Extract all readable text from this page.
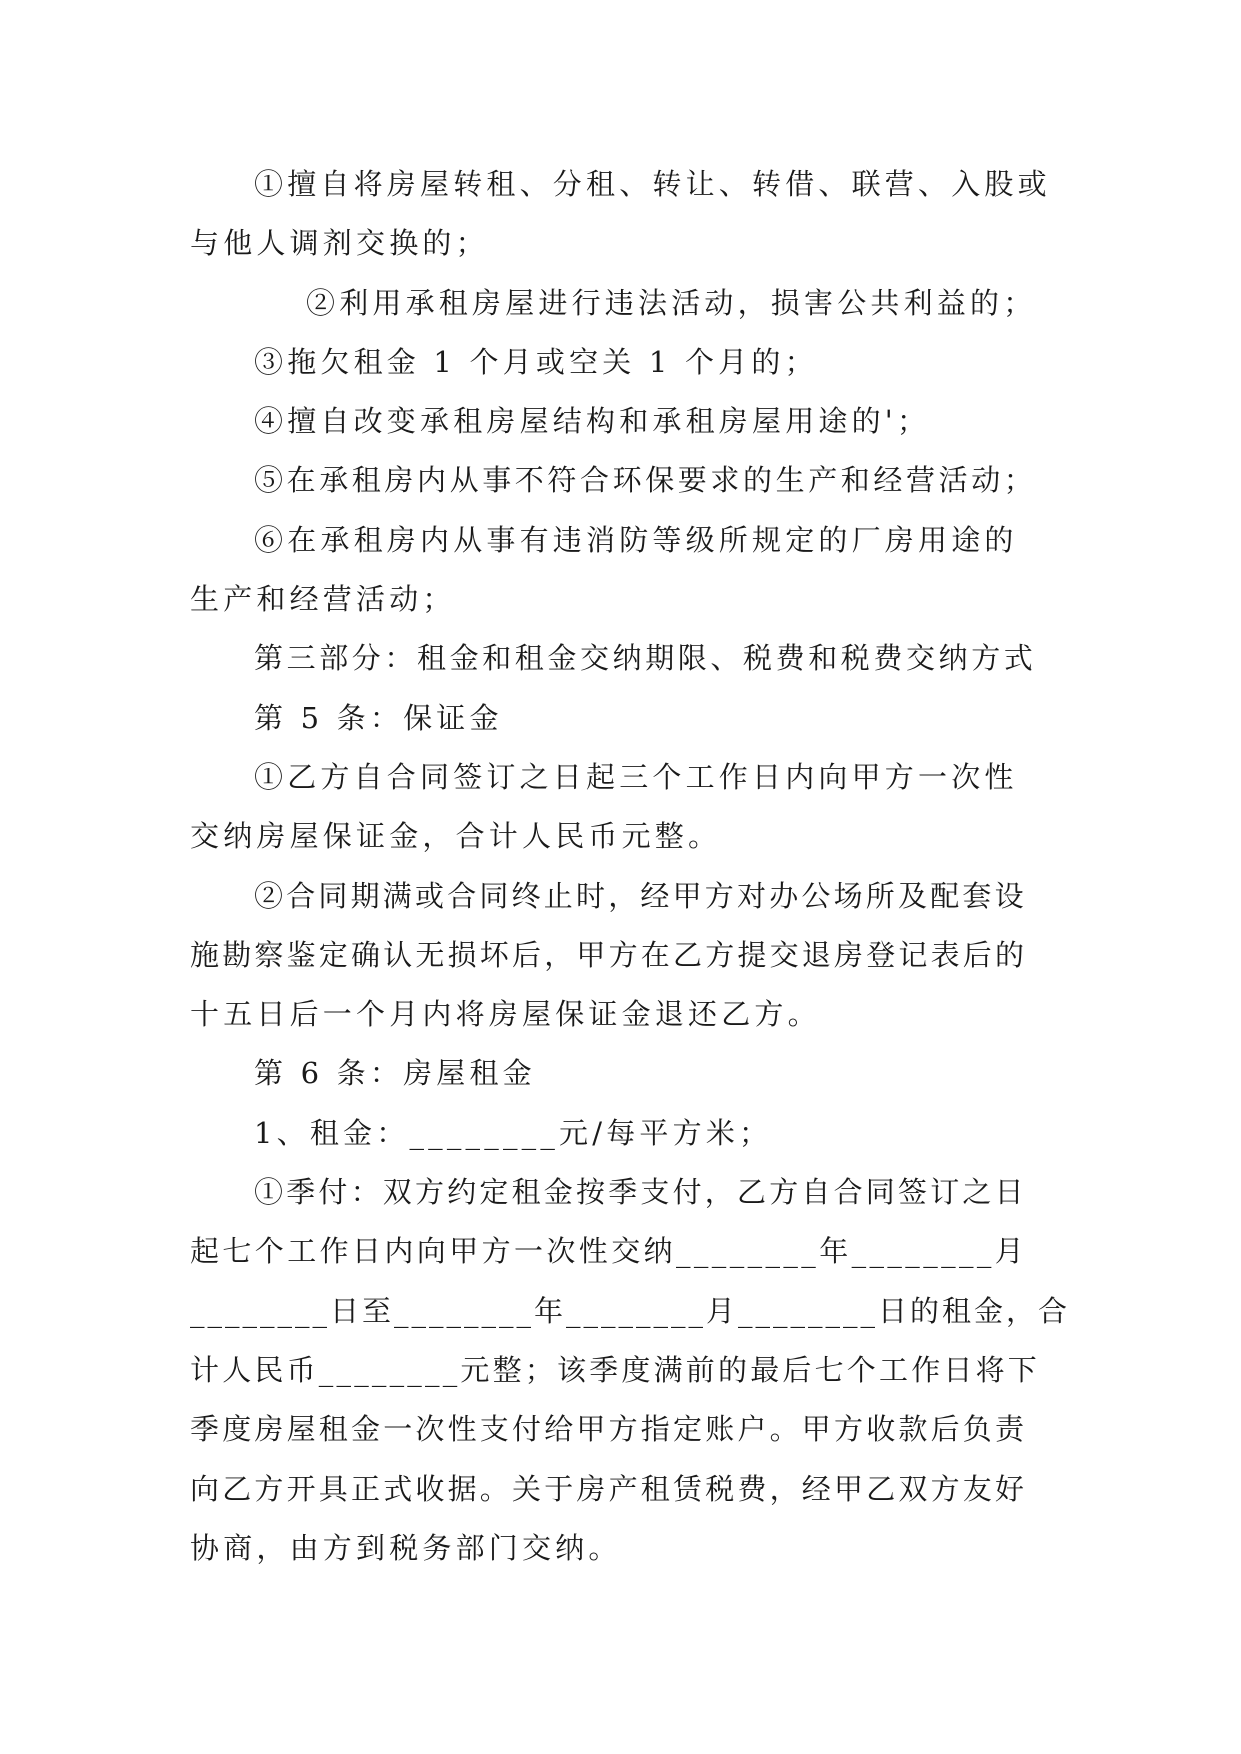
①擅自将房屋转租、分租、转让、转借、联营、入股或

与他人调剂交换的；

②利用承租房屋进行违法活动，损害公共利益的；

③拖欠租金 1 个月或空关 1 个月的；

④擅自改变承租房屋结构和承租房屋用途的'；

⑤在承租房内从事不符合环保要求的生产和经营活动；

⑥在承租房内从事有违消防等级所规定的厂房用途的

生产和经营活动；

第三部分：租金和租金交纳期限、税费和税费交纳方式

第 5 条：保证金

①乙方自合同签订之日起三个工作日内向甲方一次性

交纳房屋保证金，合计人民币元整。

②合同期满或合同终止时，经甲方对办公场所及配套设

施勘察鉴定确认无损坏后，甲方在乙方提交退房登记表后的

十五日后一个月内将房屋保证金退还乙方。

第 6 条：房屋租金

1、租金：________元/每平方米；

①季付：双方约定租金按季支付，乙方自合同签订之日

起七个工作日内向甲方一次性交纳________年________月

________日至________年________月________日的租金，合

计人民币________元整；该季度满前的最后七个工作日将下

季度房屋租金一次性支付给甲方指定账户。甲方收款后负责

向乙方开具正式收据。关于房产租赁税费，经甲乙双方友好

协商，由方到税务部门交纳。
